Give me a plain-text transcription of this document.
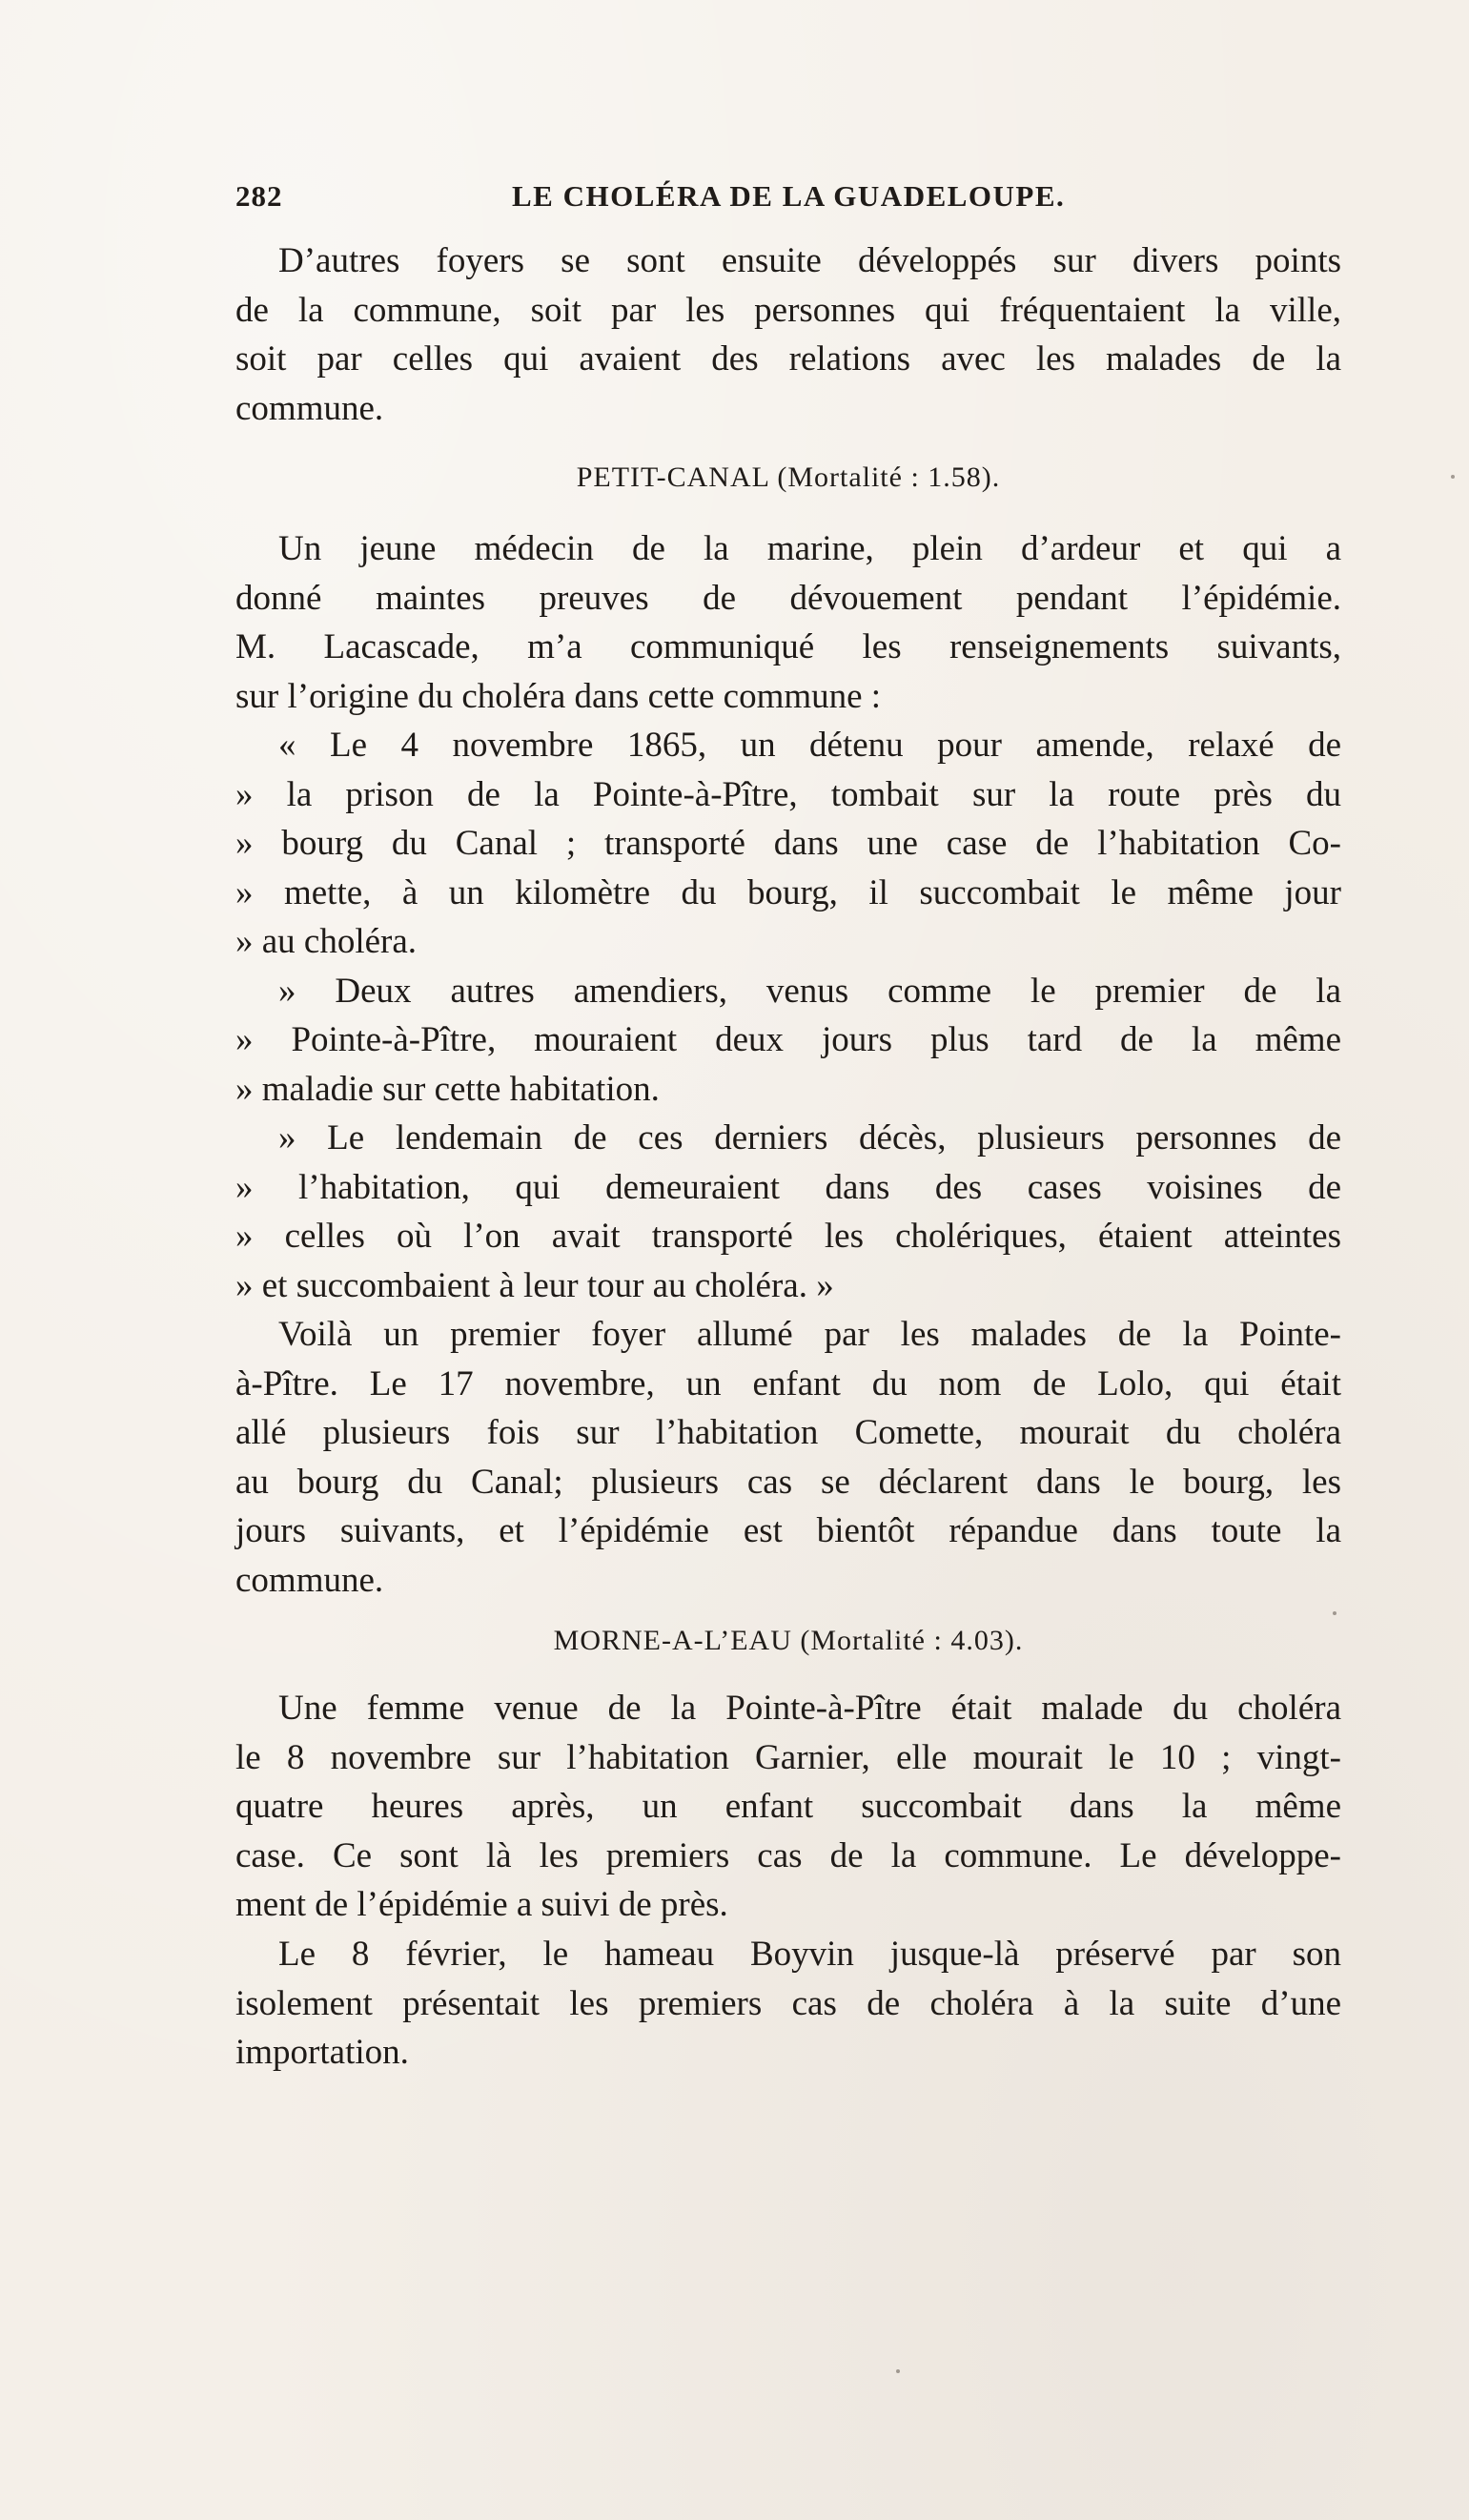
282	LE CHOLÉRA DE LA GUADELOUPE.
D’autres foyers se sont ensuite développés sur divers points
de la commune, soit par les personnes qui fréquentaient la ville,
soit par celles qui avaient des relations avec les malades de la
commune.
PETIT-CANAL (Mortalité : 1.58).
Un jeune médecin de la marine, plein d’ardeur et qui a
donné maintes preuves de dévouement pendant l’épidémie.
M. Lacascade, m’a communiqué les renseignements suivants,
sur l’origine du choléra dans cette commune :
« Le 4 novembre 1865, un détenu pour amende, relaxé de
» la prison de la Pointe-à-Pître, tombait sur la route près du
» bourg du Canal ; transporté dans une case de l’habitation Co-
» mette, à un kilomètre du bourg, il succombait le même jour
» au choléra.
» Deux autres amendiers, venus comme le premier de la
» Pointe-à-Pître, mouraient deux jours plus tard de la même
» maladie sur cette habitation.
» Le lendemain de ces derniers décès, plusieurs personnes de
» l’habitation, qui demeuraient dans des cases voisines de
» celles où l’on avait transporté les cholériques, étaient atteintes
» et succombaient à leur tour au choléra. »
Voilà un premier foyer allumé par les malades de la Pointe-
à-Pître. Le 17 novembre, un enfant du nom de Lolo, qui était
allé plusieurs fois sur l’habitation Comette, mourait du choléra
au bourg du Canal; plusieurs cas se déclarent dans le bourg, les
jours suivants, et l’épidémie est bientôt répandue dans toute la
commune.
MORNE-A-L’EAU (Mortalité : 4.03).
Une femme venue de la Pointe-à-Pître était malade du choléra
le 8 novembre sur l’habitation Garnier, elle mourait le 10 ; vingt-
quatre heures après, un enfant succombait dans la même
case. Ce sont là les premiers cas de la commune. Le développe-
ment de l’épidémie a suivi de près.
Le 8 février, le hameau Boyvin jusque-là préservé par son
isolement présentait les premiers cas de choléra à la suite d’une
importation.
